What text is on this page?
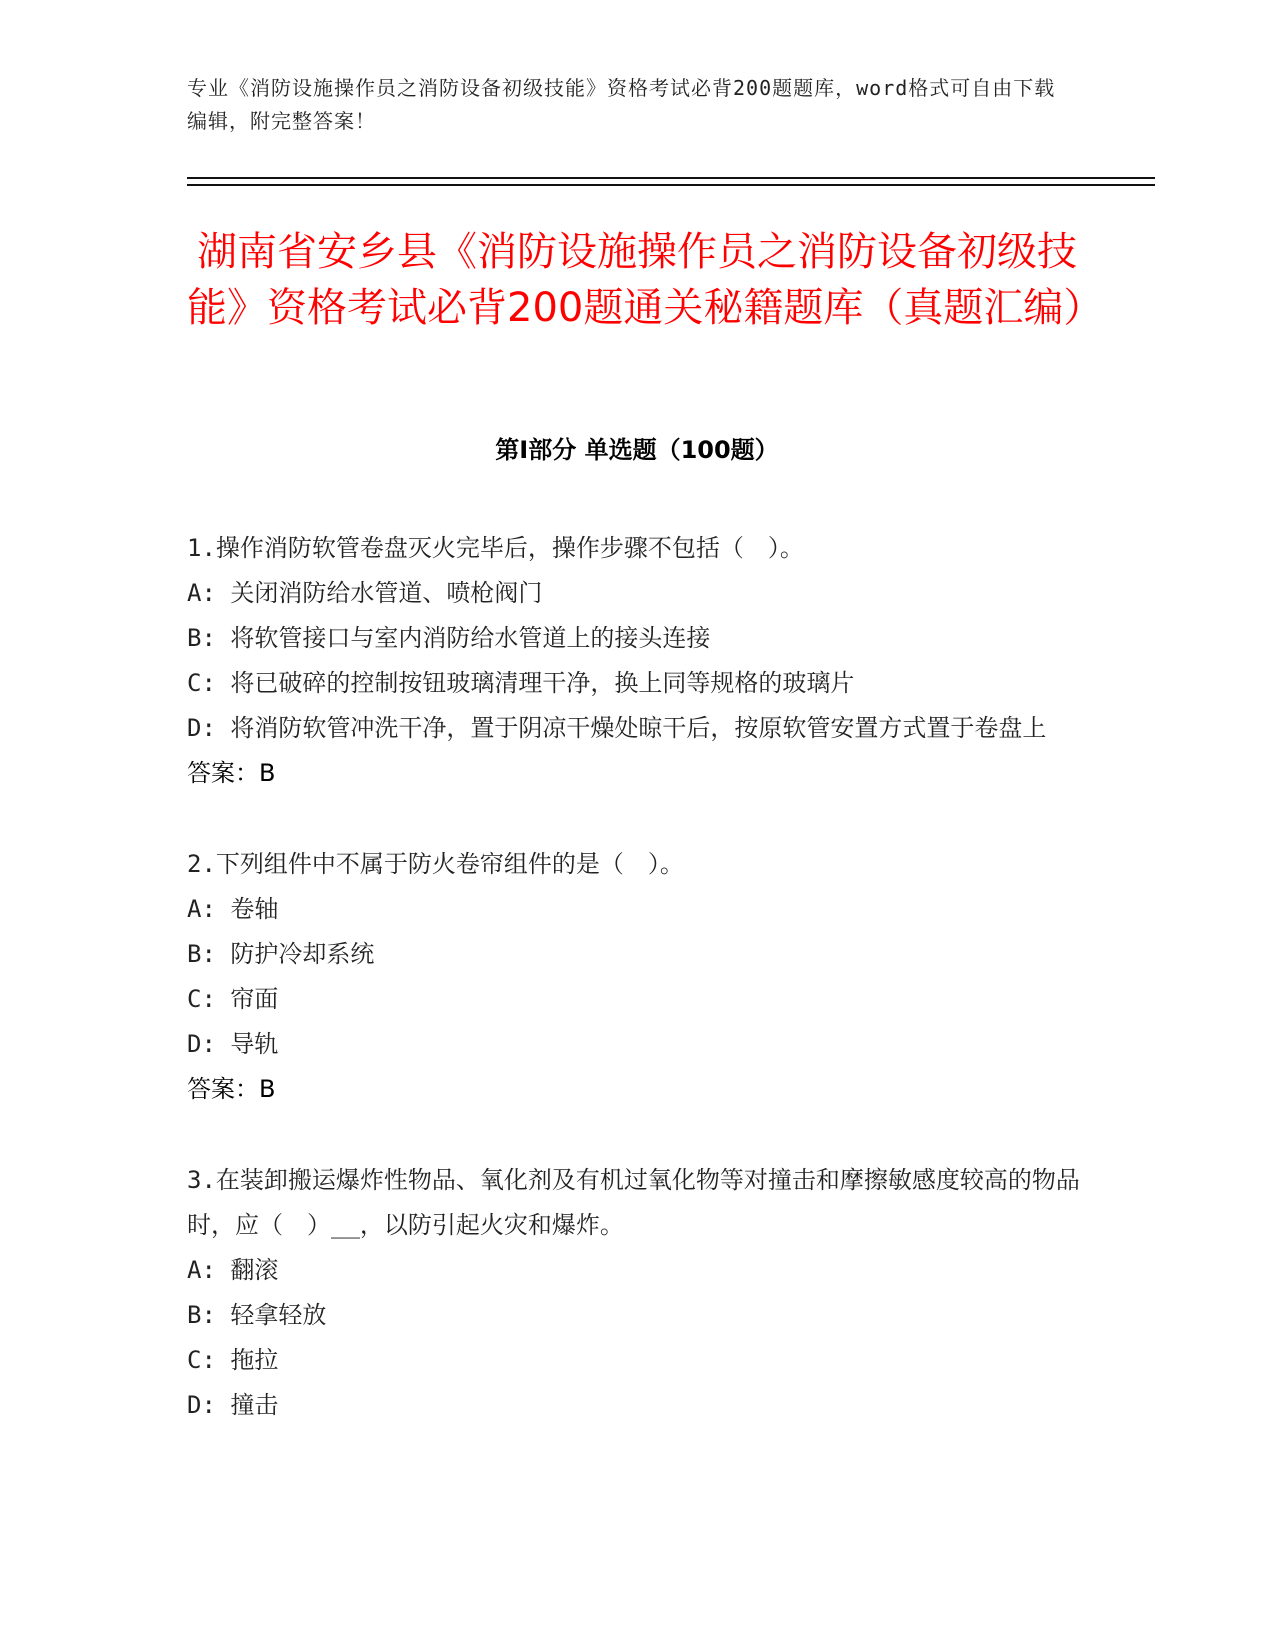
专业《消防设施操作员之消防设备初级技能》资格考试必背200题题库，word格式可自由下载编辑，附完整答案！
湖南省安乡县《消防设施操作员之消防设备初级技能》资格考试必背200题通关秘籍题库（真题汇编）
第Ⅰ部分 单选题（100题）

1.操作消防软管卷盘灭火完毕后，操作步骤不包括（　）。

A: 关闭消防给水管道、喷枪阀门

B: 将软管接口与室内消防给水管道上的接头连接

C: 将已破碎的控制按钮玻璃清理干净，换上同等规格的玻璃片

D: 将消防软管冲洗干净，置于阴凉干燥处晾干后，按原软管安置方式置于卷盘上

答案：B

2.下列组件中不属于防火卷帘组件的是（　）。

A: 卷轴

B: 防护冷却系统

C: 帘面

D: 导轨

答案：B

3.在装卸搬运爆炸性物品、氧化剂及有机过氧化物等对撞击和摩擦敏感度较高的物品时，应（　）__，以防引起火灾和爆炸。

A: 翻滚

B: 轻拿轻放

C: 拖拉

D: 撞击
